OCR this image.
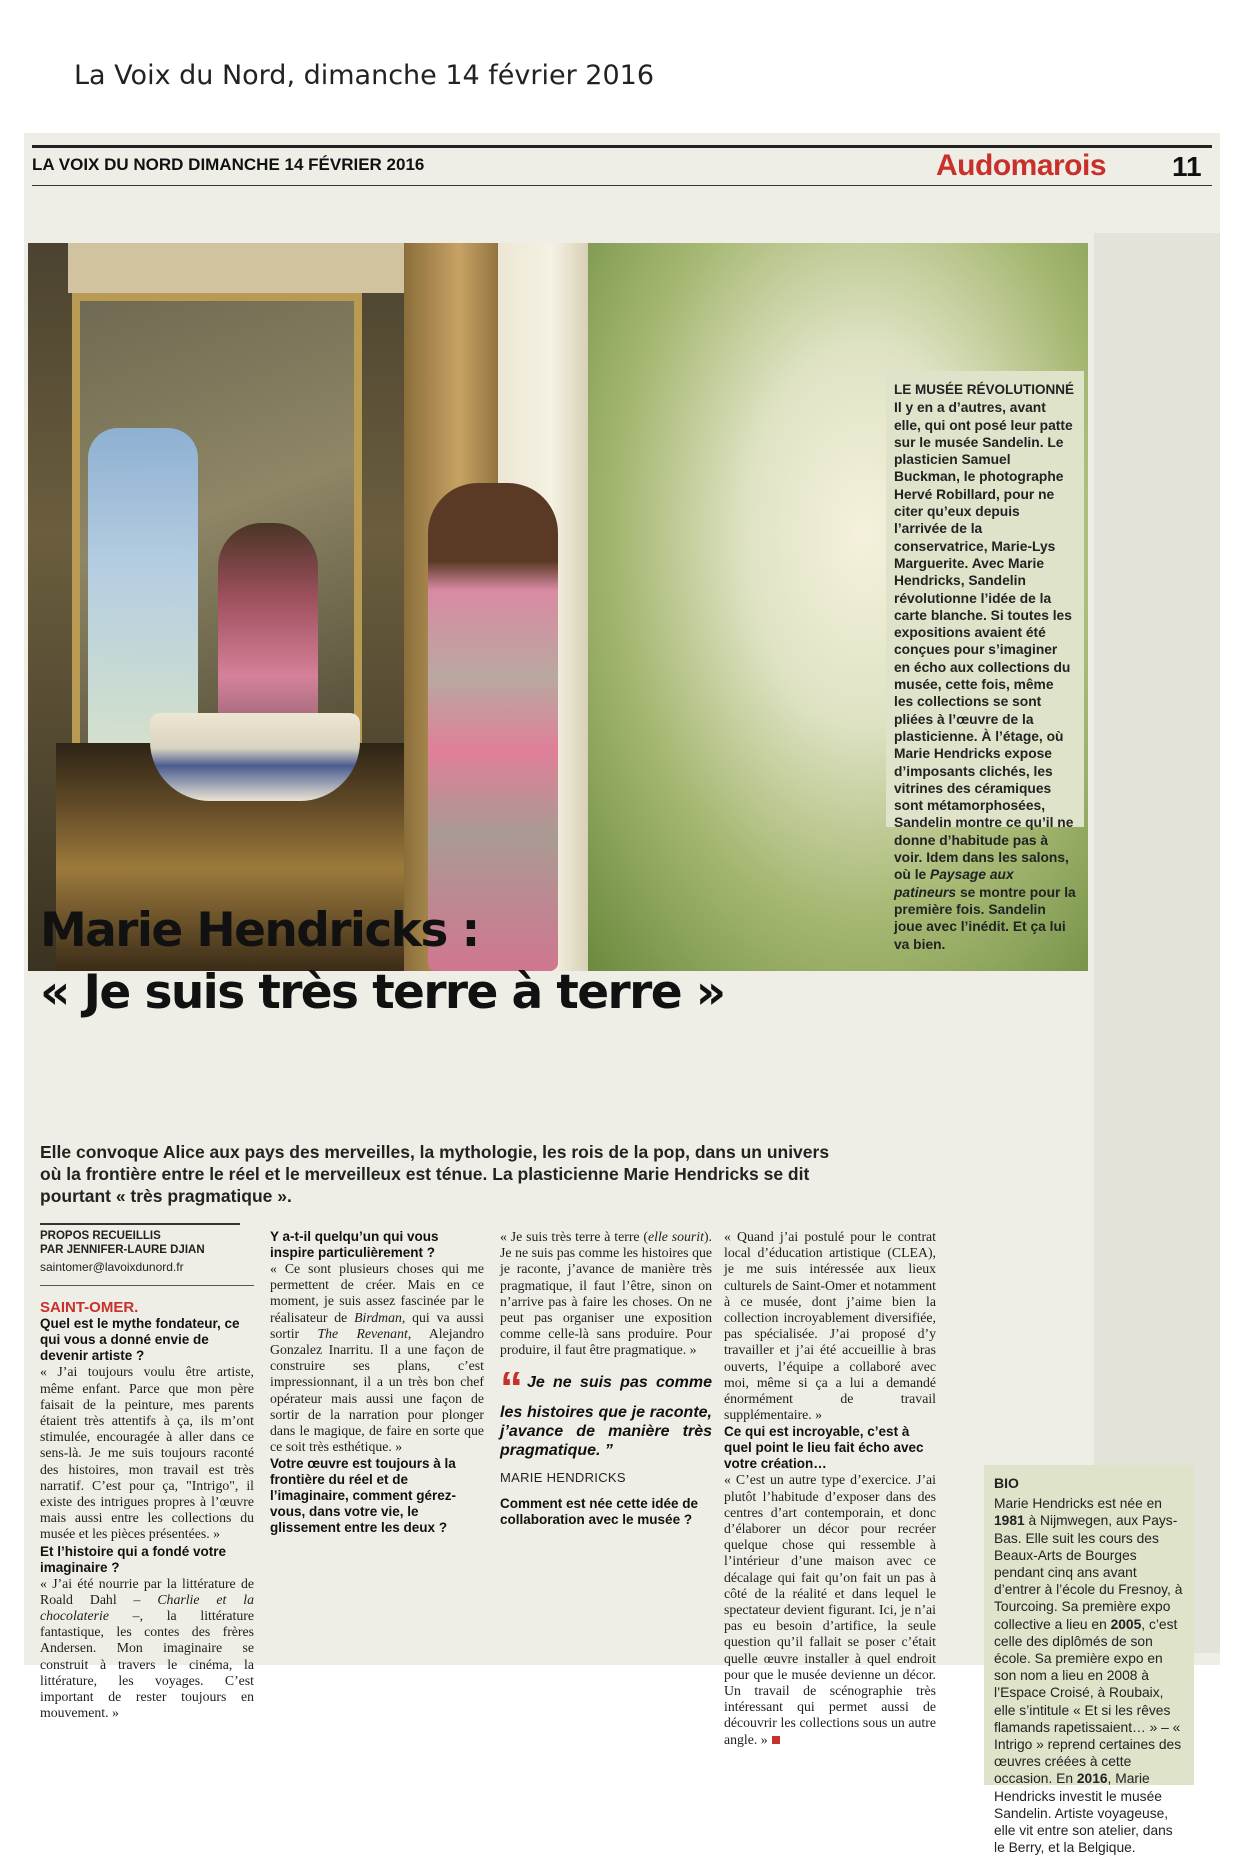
La Voix du Nord, dimanche 14 février 2016
LA VOIX DU NORD DIMANCHE 14 FÉVRIER 2016	Audomarois 11
LE MUSÉE RÉVOLUTIONNÉ
Il y en a d’autres, avant elle, qui ont posé leur patte sur le musée Sandelin. Le plasticien Samuel Buckman, le photographe Hervé Robillard, pour ne citer qu’eux depuis l’arrivée de la conservatrice, Marie-Lys Marguerite. Avec Marie Hendricks, Sandelin révolutionne l’idée de la carte blanche. Si toutes les expositions avaient été conçues pour s’imaginer en écho aux collections du musée, cette fois, même les collections se sont pliées à l’œuvre de la plasticienne. À l’étage, où Marie Hendricks expose d’imposants clichés, les vitrines des céramiques sont métamorphosées, Sandelin montre ce qu’il ne donne d’habitude pas à voir. Idem dans les salons, où le Paysage aux patineurs se montre pour la première fois. Sandelin joue avec l’inédit. Et ça lui va bien.
Marie Hendricks :
« Je suis très terre à terre »
Elle convoque Alice aux pays des merveilles, la mythologie, les rois de la pop, dans un univers où la frontière entre le réel et le merveilleux est ténue. La plasticienne Marie Hendricks se dit pourtant « très pragmatique ».
PROPOS RECUEILLIS
PAR JENNIFER-LAURE DJIAN
saintomer@lavoixdunord.fr
SAINT-OMER.
Quel est le mythe fondateur, ce qui vous a donné envie de devenir artiste ?

« J’ai toujours voulu être artiste, même enfant. Parce que mon père faisait de la peinture, mes parents étaient très attentifs à ça, ils m’ont stimulée, encouragée à aller dans ce sens-là. Je me suis toujours raconté des histoires, mon travail est très narratif. C’est pour ça, "Intrigo", il existe des intrigues propres à l’œuvre mais aussi entre les collections du musée et les pièces présentées. »

Et l’histoire qui a fondé votre imaginaire ?

« J’ai été nourrie par la littérature de Roald Dahl – Charlie et la chocolaterie –, la littérature fantastique, les contes des frères Andersen. Mon imaginaire se construit à travers le cinéma, la littérature, les voyages. C’est important de rester toujours en mouvement. »

Y a-t-il quelqu’un qui vous inspire particulièrement ?

« Ce sont plusieurs choses qui me permettent de créer. Mais en ce moment, je suis assez fascinée par le réalisateur de Birdman, qui va aussi sortir The Revenant, Alejandro Gonzalez Inarritu. Il a une façon de construire ses plans, c’est impressionnant, il a un très bon chef opérateur mais aussi une façon de sortir de la narration pour plonger dans le magique, de faire en sorte que ce soit très esthétique. »

Votre œuvre est toujours à la frontière du réel et de l’imaginaire, comment gérez-vous, dans votre vie, le glissement entre les deux ?

« Je suis très terre à terre (elle sourit). Je ne suis pas comme les histoires que je raconte, j’avance de manière très pragmatique, il faut l’être, sinon on n’arrive pas à faire les choses. On ne peut pas organiser une exposition comme celle-là sans produire. Pour produire, il faut être pragmatique. »

“ Je ne suis pas comme les histoires que je raconte, j’avance de manière très pragmatique. ”
MARIE HENDRICKS
Comment est née cette idée de collaboration avec le musée ?

« Quand j’ai postulé pour le contrat local d’éducation artistique (CLEA), je me suis intéressée aux lieux culturels de Saint-Omer et notamment à ce musée, dont j’aime bien la collection incroyablement diversifiée, pas spécialisée. J’ai proposé d’y travailler et j’ai été accueillie à bras ouverts, l’équipe a collaboré avec moi, même si ça a lui a demandé énormément de travail supplémentaire. »

Ce qui est incroyable, c’est à quel point le lieu fait écho avec votre création…

« C’est un autre type d’exercice. J’ai plutôt l’habitude d’exposer dans des centres d’art contemporain, et donc d’élaborer un décor pour recréer quelque chose qui ressemble à l’intérieur d’une maison avec ce décalage qui fait qu’on fait un pas à côté de la réalité et dans lequel le spectateur devient figurant. Ici, je n’ai pas eu besoin d’artifice, la seule question qu’il fallait se poser c’était quelle œuvre installer à quel endroit pour que le musée devienne un décor. Un travail de scénographie très intéressant qui permet aussi de découvrir les collections sous un autre angle. »

BIO
Marie Hendricks est née en 1981 à Nijmwegen, aux Pays-Bas. Elle suit les cours des Beaux-Arts de Bourges pendant cinq ans avant d’entrer à l’école du Fresnoy, à Tourcoing. Sa première expo collective a lieu en 2005, c’est celle des diplômés de son école. Sa première expo en son nom a lieu en 2008 à l’Espace Croisé, à Roubaix, elle s’intitule « Et si les rêves flamands rapetissaient… » – « Intrigo » reprend certaines des œuvres créées à cette occasion. En 2016, Marie Hendricks investit le musée Sandelin. Artiste voyageuse, elle vit entre son atelier, dans le Berry, et la Belgique.
